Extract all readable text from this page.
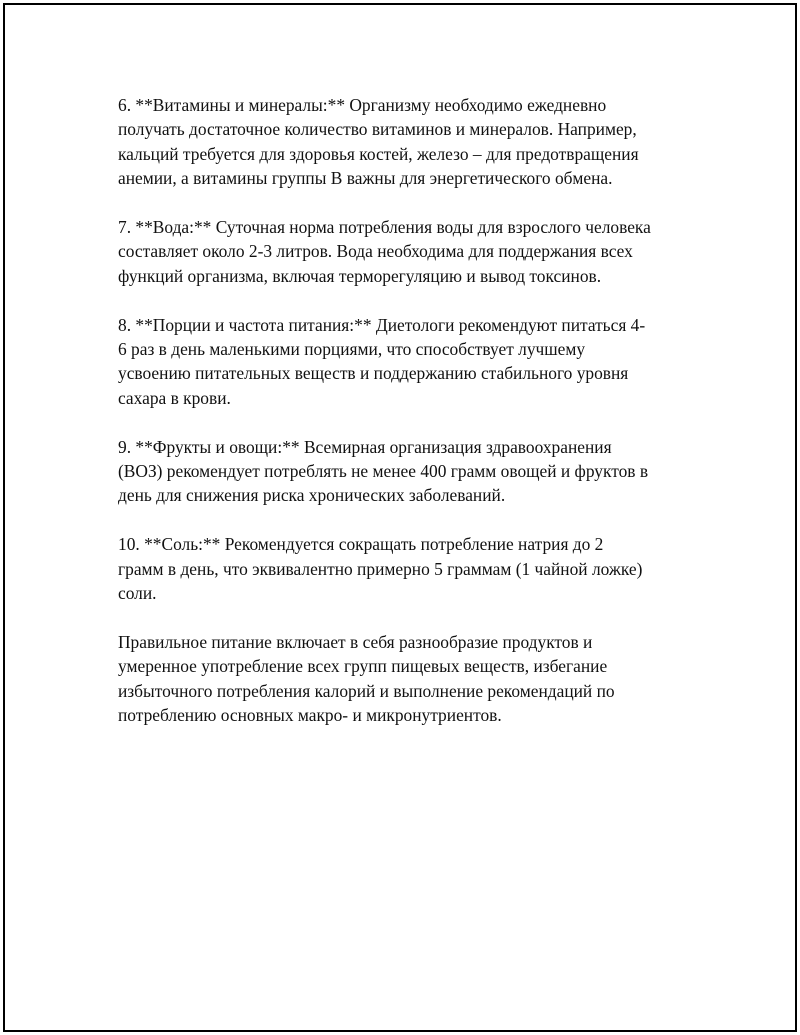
6. **Витамины и минералы:** Организму необходимо ежедневно
получать достаточное количество витаминов и минералов. Например,
кальций требуется для здоровья костей, железо – для предотвращения
анемии, а витамины группы B важны для энергетического обмена.

7. **Вода:** Суточная норма потребления воды для взрослого человека
составляет около 2-3 литров. Вода необходима для поддержания всех
функций организма, включая терморегуляцию и вывод токсинов.

8. **Порции и частота питания:** Диетологи рекомендуют питаться 4-
6 раз в день маленькими порциями, что способствует лучшему
усвоению питательных веществ и поддержанию стабильного уровня
сахара в крови.

9. **Фрукты и овощи:** Всемирная организация здравоохранения
(ВОЗ) рекомендует потреблять не менее 400 грамм овощей и фруктов в
день для снижения риска хронических заболеваний.

10. **Соль:** Рекомендуется сокращать потребление натрия до 2
грамм в день, что эквивалентно примерно 5 граммам (1 чайной ложке)
соли.

Правильное питание включает в себя разнообразие продуктов и
умеренное употребление всех групп пищевых веществ, избегание
избыточного потребления калорий и выполнение рекомендаций по
потреблению основных макро- и микронутриентов.
